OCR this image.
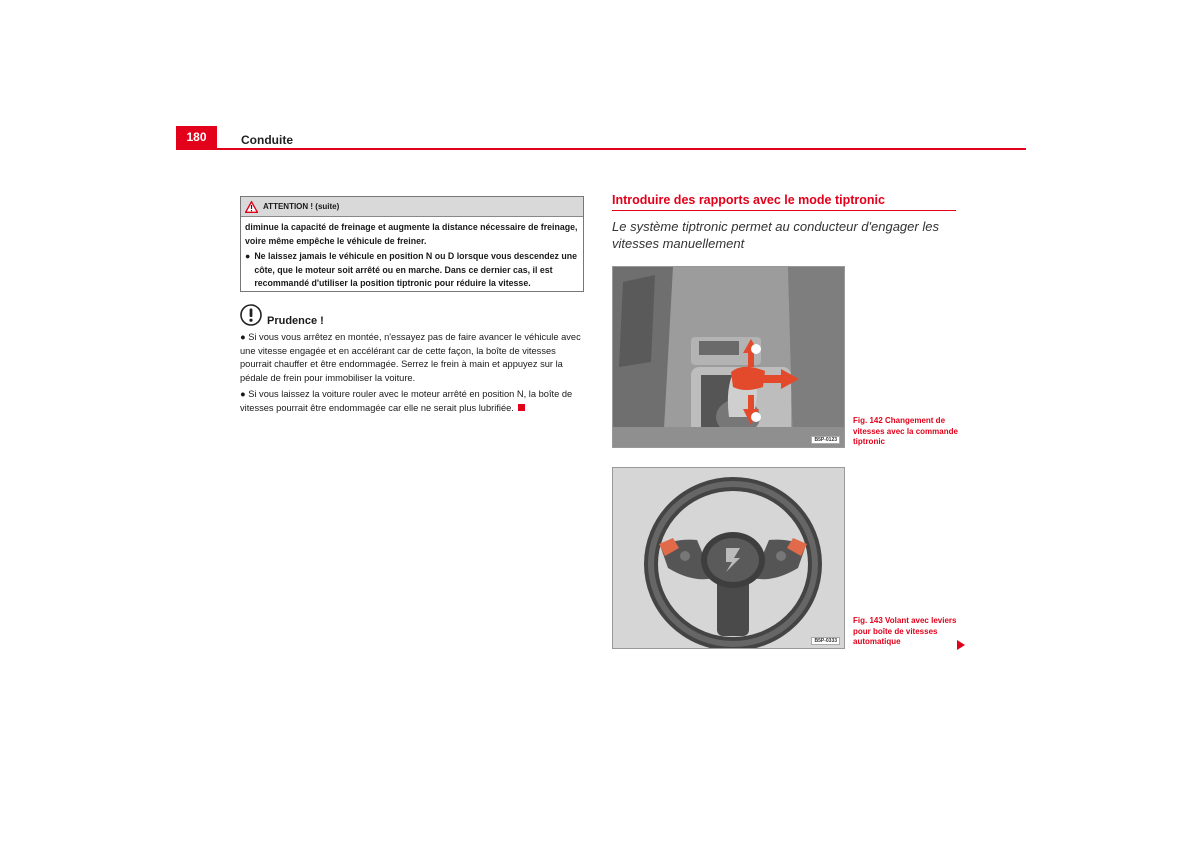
180	Conduite
ATTENTION ! (suite)

diminue la capacité de freinage et augmente la distance nécessaire de freinage, voire même empêche le véhicule de freiner.

● Ne laissez jamais le véhicule en position N ou D lorsque vous descendez une côte, que le moteur soit arrêté ou en marche. Dans ce dernier cas, il est recommandé d'utiliser la position tiptronic pour réduire la vitesse.
Prudence !

● Si vous vous arrêtez en montée, n'essayez pas de faire avancer le véhicule avec une vitesse engagée et en accélérant car de cette façon, la boîte de vitesses pourrait chauffer et être endommagée. Serrez le frein à main et appuyez sur la pédale de frein pour immobiliser la voiture.

● Si vous laissez la voiture rouler avec le moteur arrêté en position N, la boîte de vitesses pourrait être endommagée car elle ne serait plus lubrifiée.

Introduire des rapports avec le mode tiptronic
Le système tiptronic permet au conducteur d'engager les vitesses manuellement
B5P-0123
Fig. 142 Changement de vitesses avec la commande tiptronic
B5P-0333
Fig. 143 Volant avec leviers pour boîte de vitesses automatique
